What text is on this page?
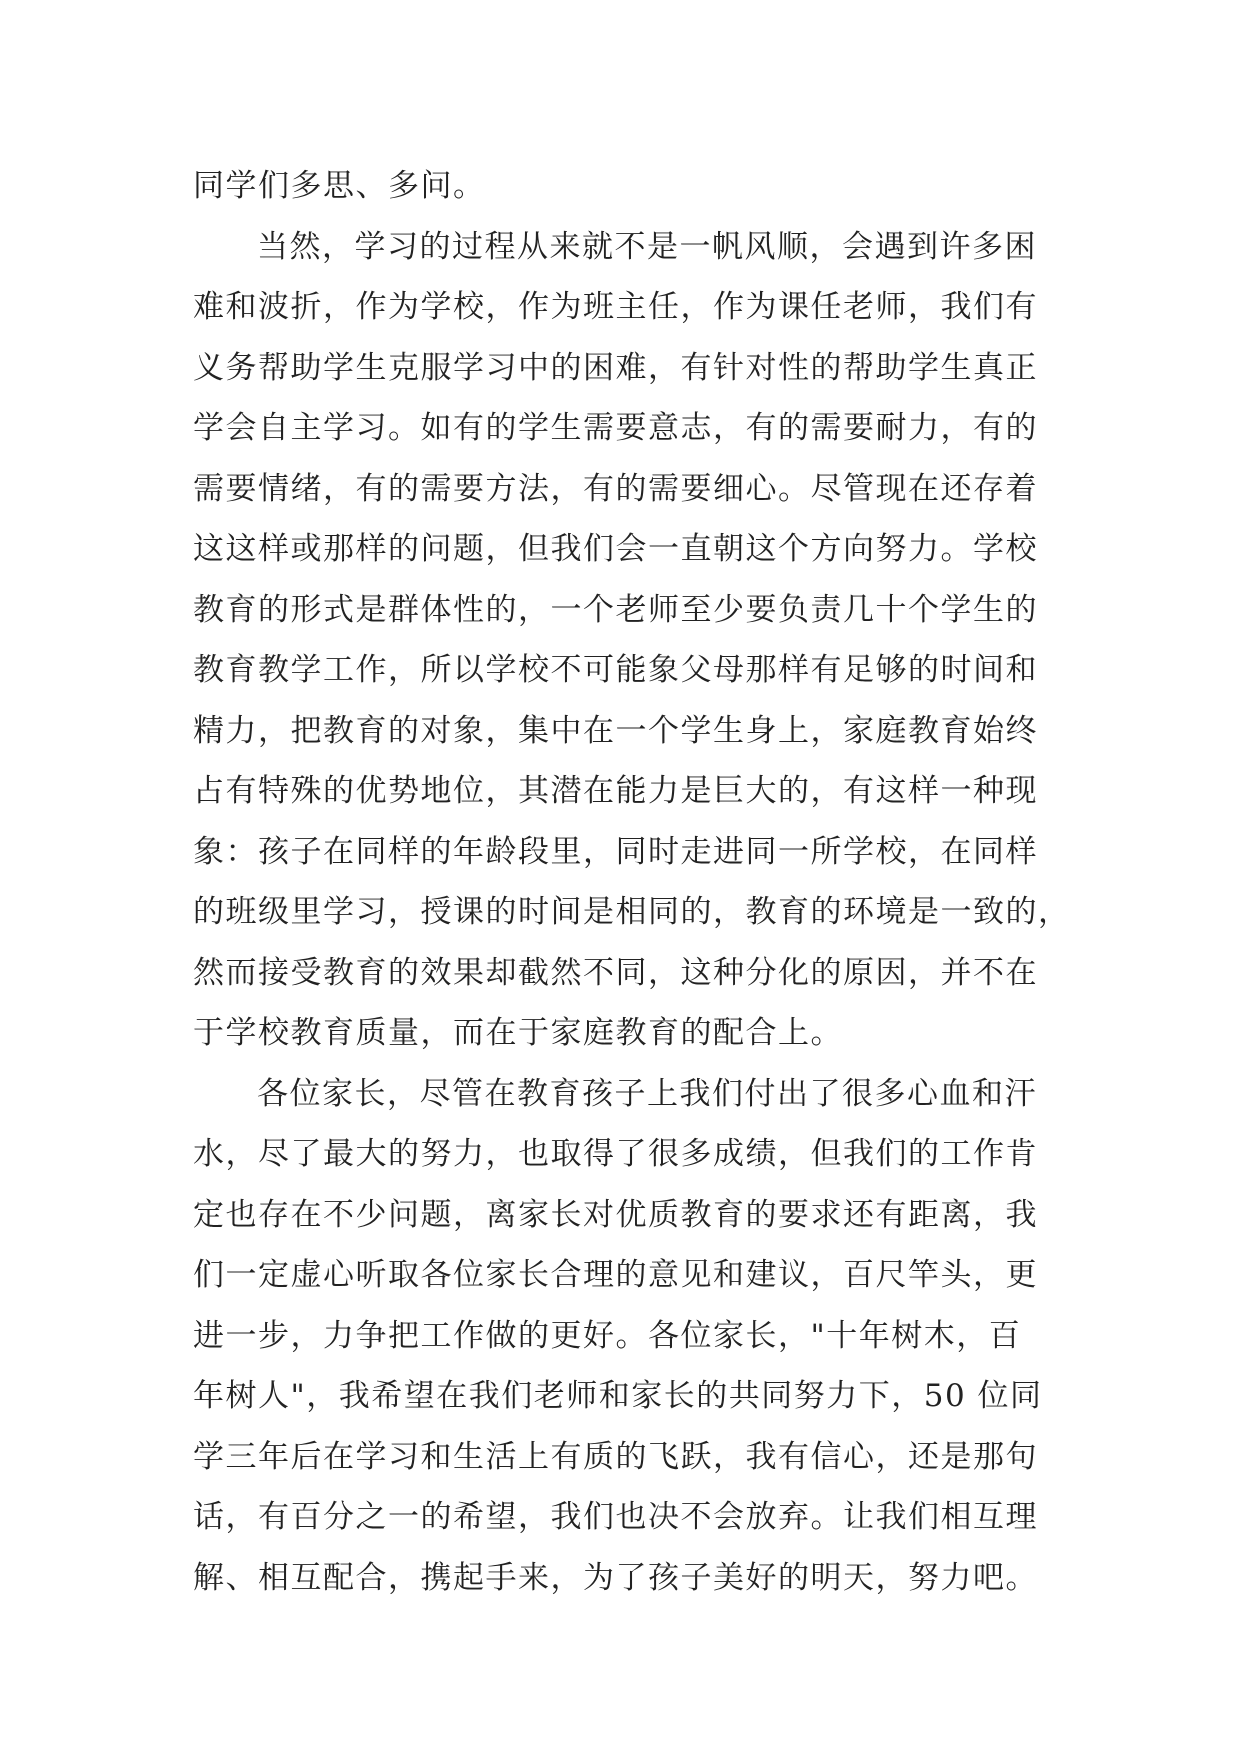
同学们多思、多问。
当然，学习的过程从来就不是一帆风顺，会遇到许多困
难和波折，作为学校，作为班主任，作为课任老师，我们有
义务帮助学生克服学习中的困难，有针对性的帮助学生真正
学会自主学习。如有的学生需要意志，有的需要耐力，有的
需要情绪，有的需要方法，有的需要细心。尽管现在还存着
这这样或那样的问题，但我们会一直朝这个方向努力。学校
教育的形式是群体性的，一个老师至少要负责几十个学生的
教育教学工作，所以学校不可能象父母那样有足够的时间和
精力，把教育的对象，集中在一个学生身上，家庭教育始终
占有特殊的优势地位，其潜在能力是巨大的，有这样一种现
象：孩子在同样的年龄段里，同时走进同一所学校，在同样
的班级里学习，授课的时间是相同的，教育的环境是一致的，
然而接受教育的效果却截然不同，这种分化的原因，并不在
于学校教育质量，而在于家庭教育的配合上。
各位家长，尽管在教育孩子上我们付出了很多心血和汗
水，尽了最大的努力，也取得了很多成绩，但我们的工作肯
定也存在不少问题，离家长对优质教育的要求还有距离，我
们一定虚心听取各位家长合理的意见和建议，百尺竿头，更
进一步，力争把工作做的更好。各位家长，"十年树木，百
年树人"，我希望在我们老师和家长的共同努力下，50 位同
学三年后在学习和生活上有质的飞跃，我有信心，还是那句
话，有百分之一的希望，我们也决不会放弃。让我们相互理
解、相互配合，携起手来，为了孩子美好的明天，努力吧。
